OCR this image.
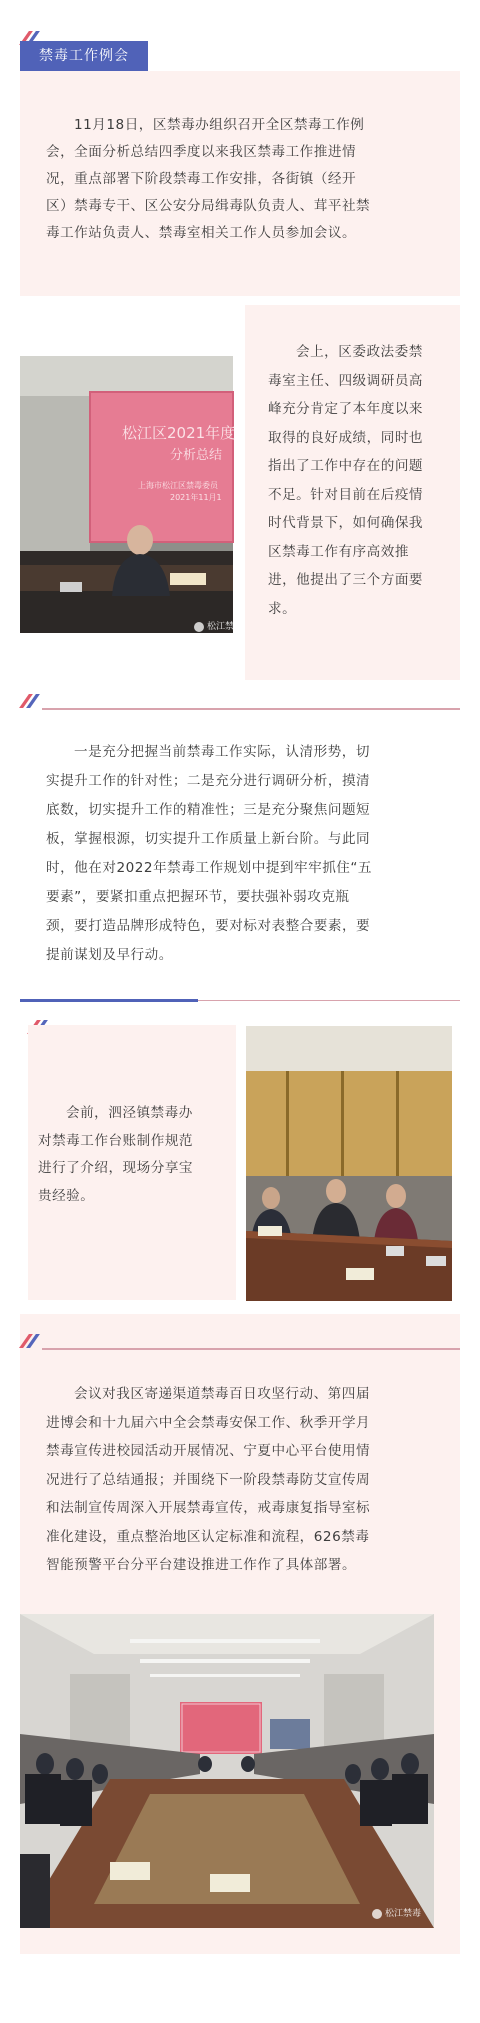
禁毒工作例会
11月18日，区禁毒办组织召开全区禁毒工作例
会，全面分析总结四季度以来我区禁毒工作推进情
况，重点部署下阶段禁毒工作安排，各街镇（经开
区）禁毒专干、区公安分局缉毒队负责人、茸平社禁
毒工作站负责人、禁毒室相关工作人员参加会议。
松江区2021年度
分析总结
上海市松江区禁毒委员
2021年11月1
松江禁毒
会上，区委政法委禁
毒室主任、四级调研员高
峰充分肯定了本年度以来
取得的良好成绩，同时也
指出了工作中存在的问题
不足。针对目前在后疫情
时代背景下，如何确保我
区禁毒工作有序高效推
进，他提出了三个方面要
求。
一是充分把握当前禁毒工作实际，认清形势，切
实提升工作的针对性；二是充分进行调研分析，摸清
底数，切实提升工作的精准性；三是充分聚焦问题短
板，掌握根源，切实提升工作质量上新台阶。与此同
时，他在对2022年禁毒工作规划中提到牢牢抓住“五
要素”，要紧扣重点把握环节，要扶强补弱攻克瓶
颈，要打造品牌形成特色，要对标对表整合要素，要
提前谋划及早行动。
会前，泗泾镇禁毒办
对禁毒工作台账制作规范
进行了介绍，现场分享宝
贵经验。
会议对我区寄递渠道禁毒百日攻坚行动、第四届
进博会和十九届六中全会禁毒安保工作、秋季开学月
禁毒宣传进校园活动开展情况、宁夏中心平台使用情
况进行了总结通报；并围绕下一阶段禁毒防艾宣传周
和法制宣传周深入开展禁毒宣传，戒毒康复指导室标
准化建设，重点整治地区认定标准和流程，626禁毒
智能预警平台分平台建设推进工作作了具体部署。
松江禁毒
